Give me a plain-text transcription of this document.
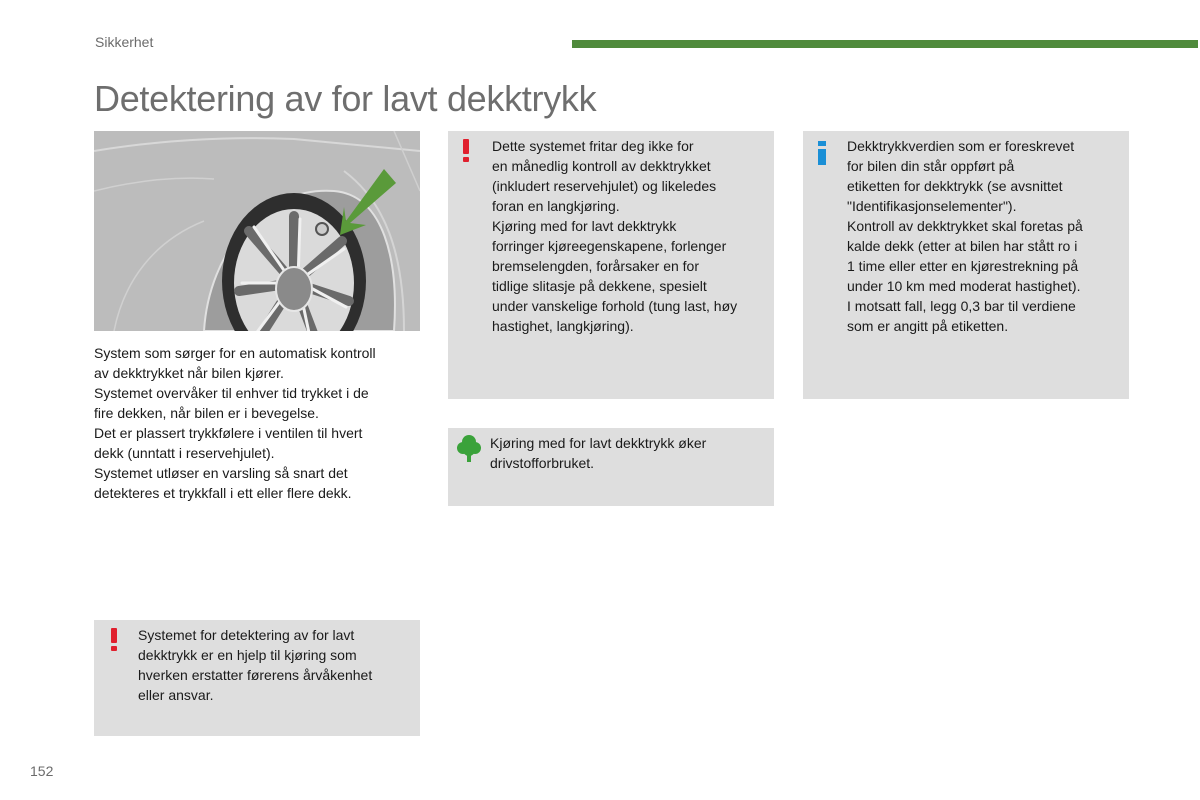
Sikkerhet
Detektering av for lavt dekktrykk
System som sørger for en automatisk kontroll
av dekktrykket når bilen kjører.
Systemet overvåker til enhver tid trykket i de
fire dekken, når bilen er i bevegelse.
Det er plassert trykkfølere i ventilen til hvert
dekk (unntatt i reservehjulet).
Systemet utløser en varsling så snart det
detekteres et trykkfall i ett eller flere dekk.
Dette systemet fritar deg ikke for
en månedlig kontroll av dekktrykket
(inkludert reservehjulet) og likeledes
foran en langkjøring.
Kjøring med for lavt dekktrykk
forringer kjøreegenskapene, forlenger
bremselengden, forårsaker en for
tidlige slitasje på dekkene, spesielt
under vanskelige forhold (tung last, høy
hastighet, langkjøring).
Dekktrykkverdien som er foreskrevet
for bilen din står oppført på
etiketten for dekktrykk (se avsnittet
"Identifikasjonselementer").
Kontroll av dekktrykket skal foretas på
kalde dekk (etter at bilen har stått ro i
1 time eller etter en kjørestrekning på
under 10 km med moderat hastighet).
I motsatt fall, legg 0,3 bar til verdiene
som er angitt på etiketten.
Kjøring med for lavt dekktrykk øker
drivstofforbruket.
Systemet for detektering av for lavt
dekktrykk er en hjelp til kjøring som
hverken erstatter førerens årvåkenhet
eller ansvar.
152
